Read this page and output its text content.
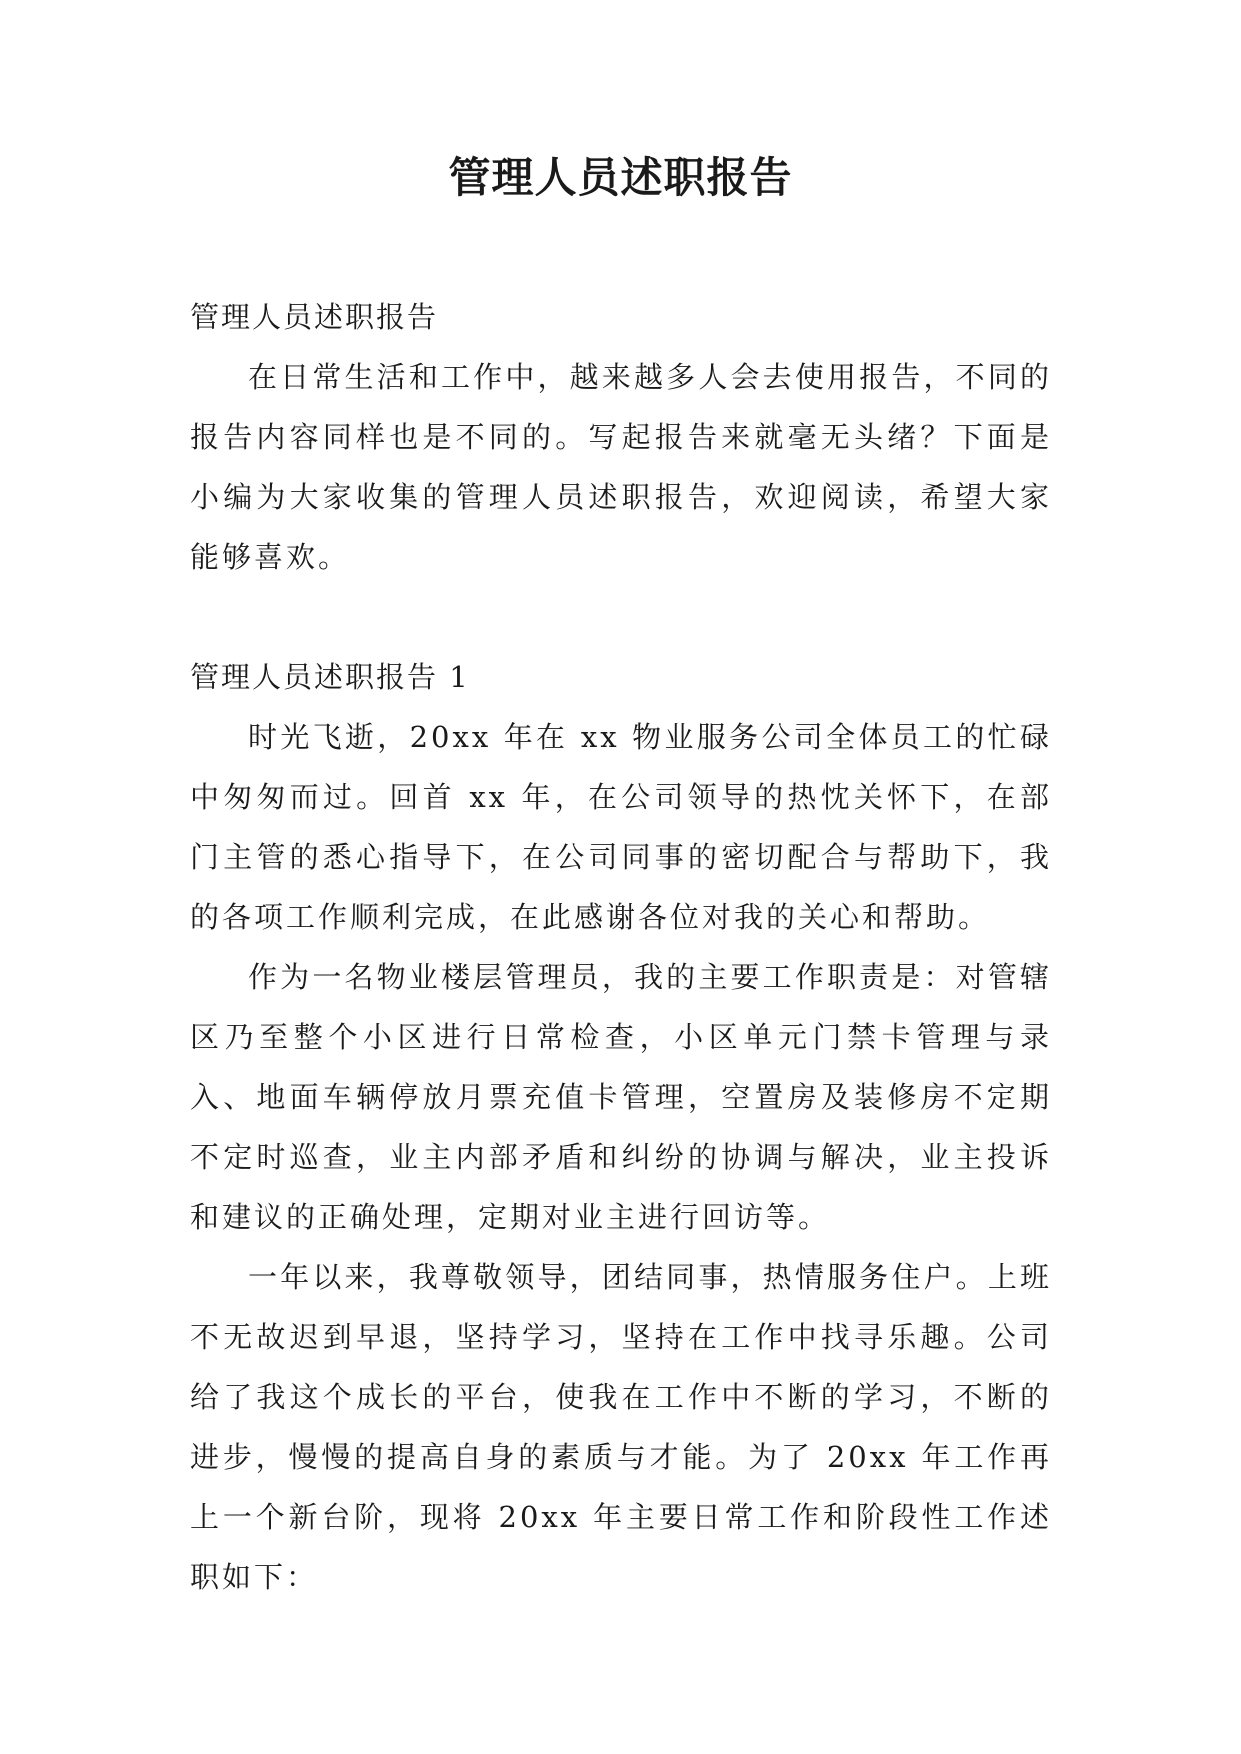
管理人员述职报告

管理人员述职报告

在日常生活和工作中，越来越多人会去使用报告，不同的报告内容同样也是不同的。写起报告来就毫无头绪？下面是小编为大家收集的管理人员述职报告，欢迎阅读，希望大家能够喜欢。

管理人员述职报告 1

时光飞逝，20xx 年在 xx 物业服务公司全体员工的忙碌中匆匆而过。回首 xx 年，在公司领导的热忱关怀下，在部门主管的悉心指导下，在公司同事的密切配合与帮助下，我的各项工作顺利完成，在此感谢各位对我的关心和帮助。

作为一名物业楼层管理员，我的主要工作职责是：对管辖区乃至整个小区进行日常检查，小区单元门禁卡管理与录入、地面车辆停放月票充值卡管理，空置房及装修房不定期不定时巡查，业主内部矛盾和纠纷的协调与解决，业主投诉和建议的正确处理，定期对业主进行回访等。

一年以来，我尊敬领导，团结同事，热情服务住户。上班不无故迟到早退，坚持学习，坚持在工作中找寻乐趣。公司给了我这个成长的平台，使我在工作中不断的学习，不断的进步，慢慢的提高自身的素质与才能。为了 20xx 年工作再上一个新台阶，现将 20xx 年主要日常工作和阶段性工作述职如下：
